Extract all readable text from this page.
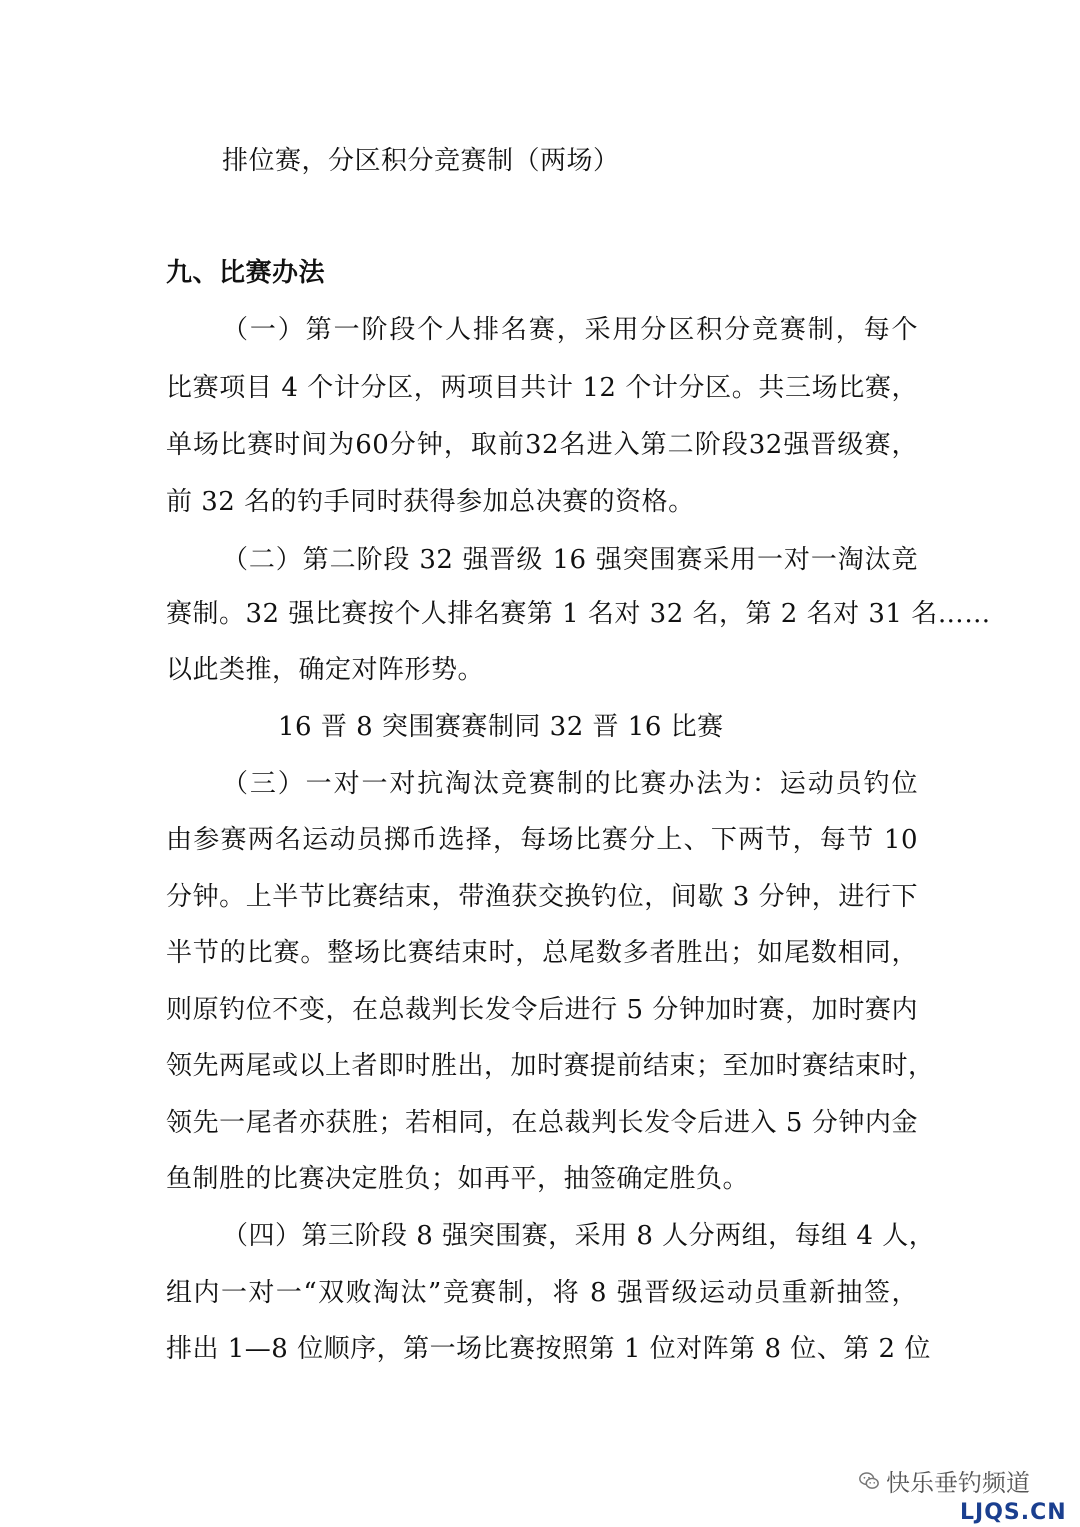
排位赛，分区积分竞赛制（两场）
九、比赛办法
（一）第一阶段个人排名赛，采用分区积分竞赛制，每个
比赛项目 4 个计分区，两项目共计 12 个计分区。共三场比赛，
单场比赛时间为60分钟，取前32名进入第二阶段32强晋级赛，
前 32 名的钓手同时获得参加总决赛的资格。
（二）第二阶段 32 强晋级 16 强突围赛采用一对一淘汰竞
赛制。32 强比赛按个人排名赛第 1 名对 32 名，第 2 名对 31 名……
以此类推，确定对阵形势。
16 晋 8 突围赛赛制同 32 晋 16 比赛
（三）一对一对抗淘汰竞赛制的比赛办法为：运动员钓位
由参赛两名运动员掷币选择，每场比赛分上、下两节，每节 10
分钟。上半节比赛结束，带渔获交换钓位，间歇 3 分钟，进行下
半节的比赛。整场比赛结束时，总尾数多者胜出；如尾数相同，
则原钓位不变，在总裁判长发令后进行 5 分钟加时赛，加时赛内
领先两尾或以上者即时胜出，加时赛提前结束；至加时赛结束时，
领先一尾者亦获胜；若相同，在总裁判长发令后进入 5 分钟内金
鱼制胜的比赛决定胜负；如再平，抽签确定胜负。
（四）第三阶段 8 强突围赛，采用 8 人分两组，每组 4 人，
组内一对一“双败淘汰”竞赛制，将 8 强晋级运动员重新抽签，
排出 1—8 位顺序，第一场比赛按照第 1 位对阵第 8 位、第 2 位
快乐垂钓频道
LJQS.CN
